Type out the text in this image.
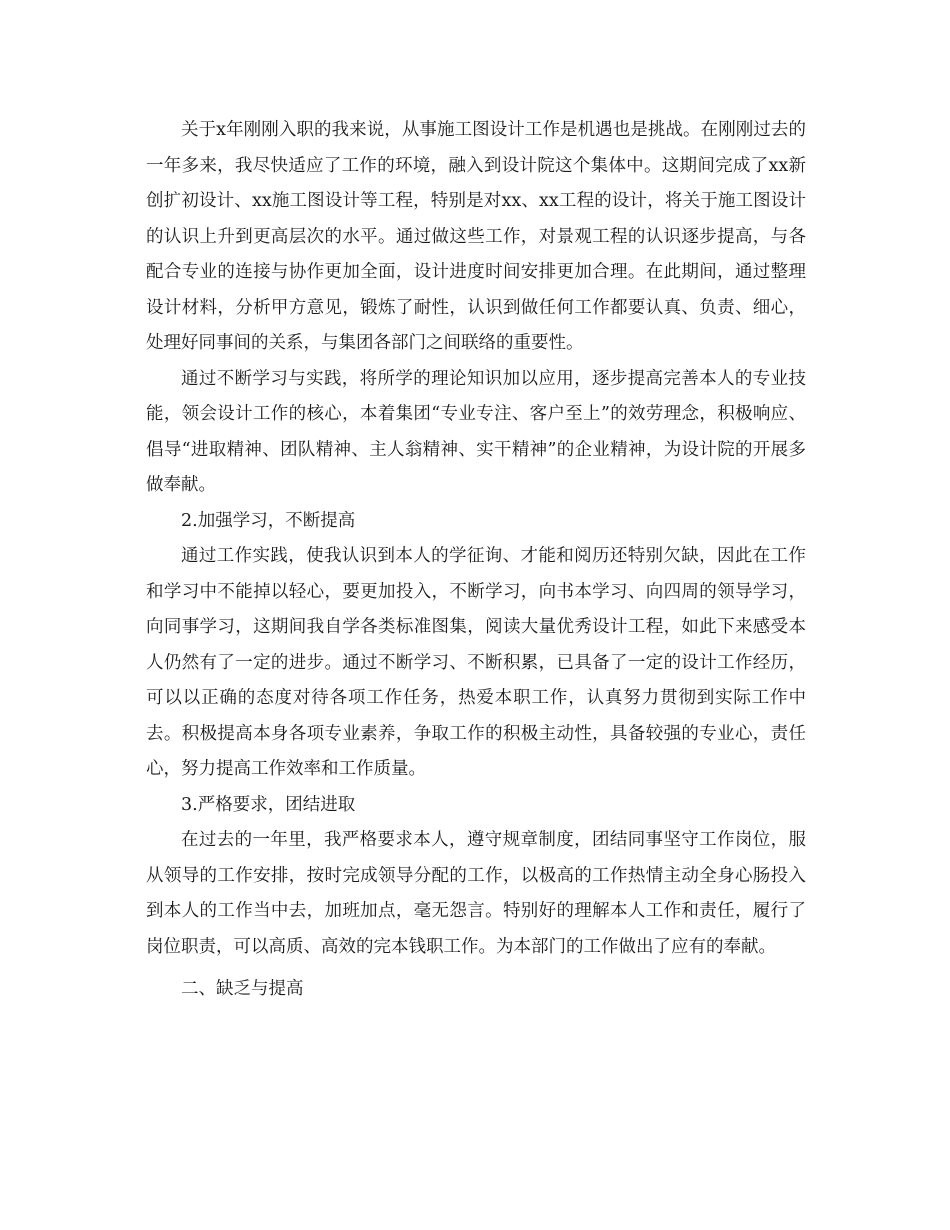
关于x年刚刚入职的我来说，从事施工图设计工作是机遇也是挑战。在刚刚过去的一年多来，我尽快适应了工作的环境，融入到设计院这个集体中。这期间完成了xx新创扩初设计、xx施工图设计等工程，特别是对xx、xx工程的设计，将关于施工图设计的认识上升到更高层次的水平。通过做这些工作，对景观工程的认识逐步提高，与各配合专业的连接与协作更加全面，设计进度时间安排更加合理。在此期间，通过整理设计材料，分析甲方意见，锻炼了耐性，认识到做任何工作都要认真、负责、细心，处理好同事间的关系，与集团各部门之间联络的重要性。

通过不断学习与实践，将所学的理论知识加以应用，逐步提高完善本人的专业技能，领会设计工作的核心，本着集团“专业专注、客户至上”的效劳理念，积极响应、倡导“进取精神、团队精神、主人翁精神、实干精神”的企业精神，为设计院的开展多做奉献。

2.加强学习，不断提高

通过工作实践，使我认识到本人的学征询、才能和阅历还特别欠缺，因此在工作和学习中不能掉以轻心，要更加投入，不断学习，向书本学习、向四周的领导学习，向同事学习，这期间我自学各类标准图集，阅读大量优秀设计工程，如此下来感受本人仍然有了一定的进步。通过不断学习、不断积累，已具备了一定的设计工作经历，可以以正确的态度对待各项工作任务，热爱本职工作，认真努力贯彻到实际工作中去。积极提高本身各项专业素养，争取工作的积极主动性，具备较强的专业心，责任心，努力提高工作效率和工作质量。

3.严格要求，团结进取

在过去的一年里，我严格要求本人，遵守规章制度，团结同事坚守工作岗位，服从领导的工作安排，按时完成领导分配的工作，以极高的工作热情主动全身心肠投入到本人的工作当中去，加班加点，毫无怨言。特别好的理解本人工作和责任，履行了岗位职责，可以高质、高效的完本钱职工作。为本部门的工作做出了应有的奉献。

二、缺乏与提高
